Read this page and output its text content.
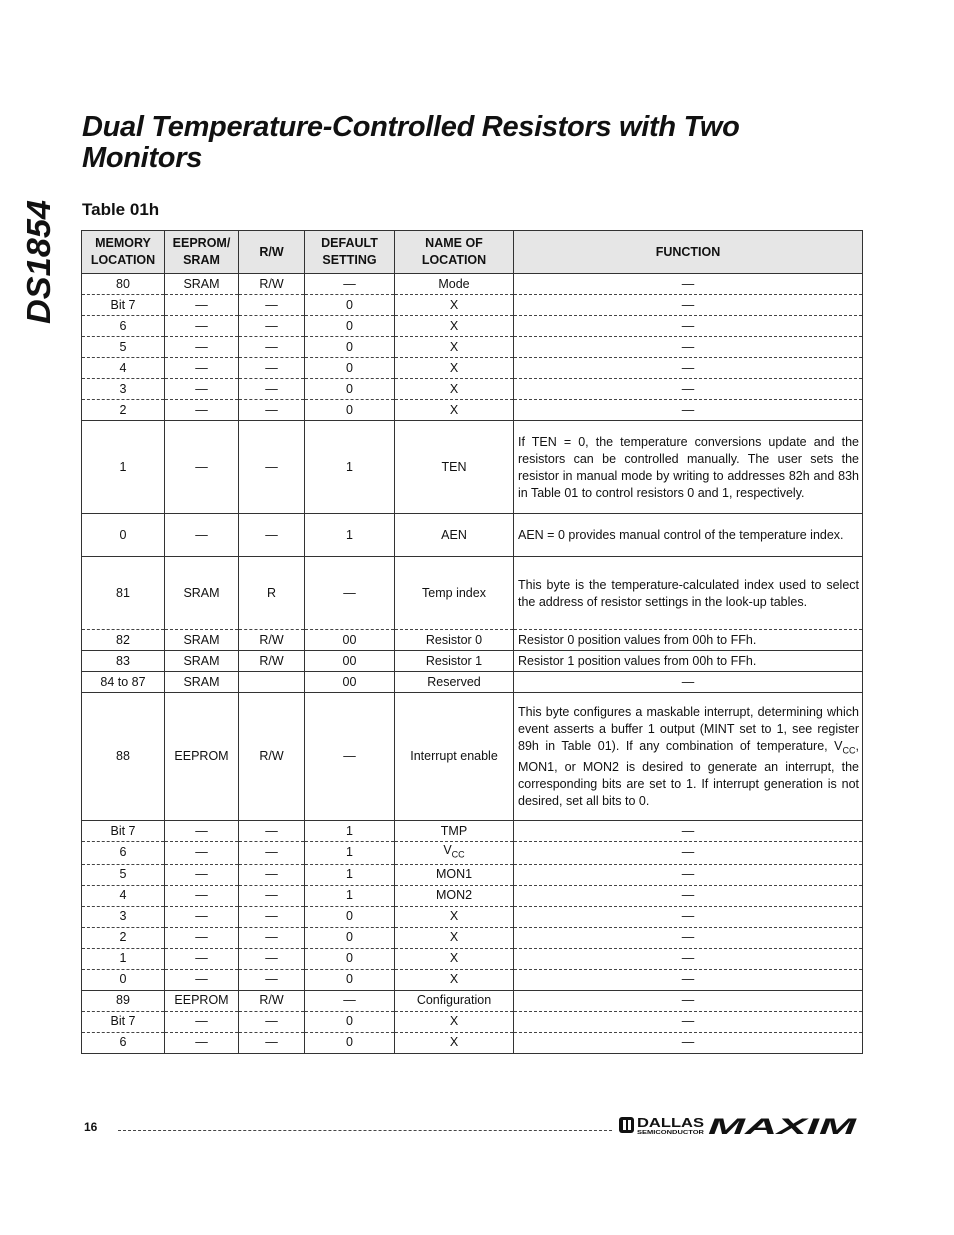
Dual Temperature-Controlled Resistors with Two Monitors
DS1854 Table 01h
MEMORY LOCATION	EEPROM/ SRAM	R/W	DEFAULT SETTING	NAME OF LOCATION	FUNCTION
80	SRAM	R/W	—	Mode	—
Bit 7	—	—	0	X	—
6	—	—	0	X	—
5	—	—	0	X	—
4	—	—	0	X	—
3	—	—	0	X	—
2	—	—	0	X	—
1	—	—	1	TEN	If TEN = 0, the temperature conversions update and the resistors can be controlled manually. The user sets the resistor in manual mode by writing to addresses 82h and 83h in Table 01 to control resistors 0 and 1, respectively.
0	—	—	1	AEN	AEN = 0 provides manual control of the temperature index.
81	SRAM	R	—	Temp index	This byte is the temperature-calculated index used to select the address of resistor settings in the look-up tables.
82	SRAM	R/W	00	Resistor 0	Resistor 0 position values from 00h to FFh.
83	SRAM	R/W	00	Resistor 1	Resistor 1 position values from 00h to FFh.
84 to 87	SRAM		00	Reserved	—
88	EEPROM	R/W	—	Interrupt enable	This byte configures a maskable interrupt, determining which event asserts a buffer 1 output (MINT set to 1, see register 89h in Table 01). If any combination of temperature, $V_{CC}$, MON1, or MON2 is desired to generate an interrupt, the corresponding bits are set to 1. If interrupt generation is not desired, set all bits to 0.
Bit 7	—	—	1	TMP	—
6	—	—	1	$V_{CC}$	—
5	—	—	1	MON1	—
4	—	—	1	MON2	—
3	—	—	0	X	—
2	—	—	0	X	—
1	—	—	0	X	—
0	—	—	0	X	—
89	EEPROM	R/W	—	Configuration	—
Bit 7	—	—	0	X	—
6	—	—	0	X	—
16	DALLAS
SEMICONDUCTOR MAXIM
